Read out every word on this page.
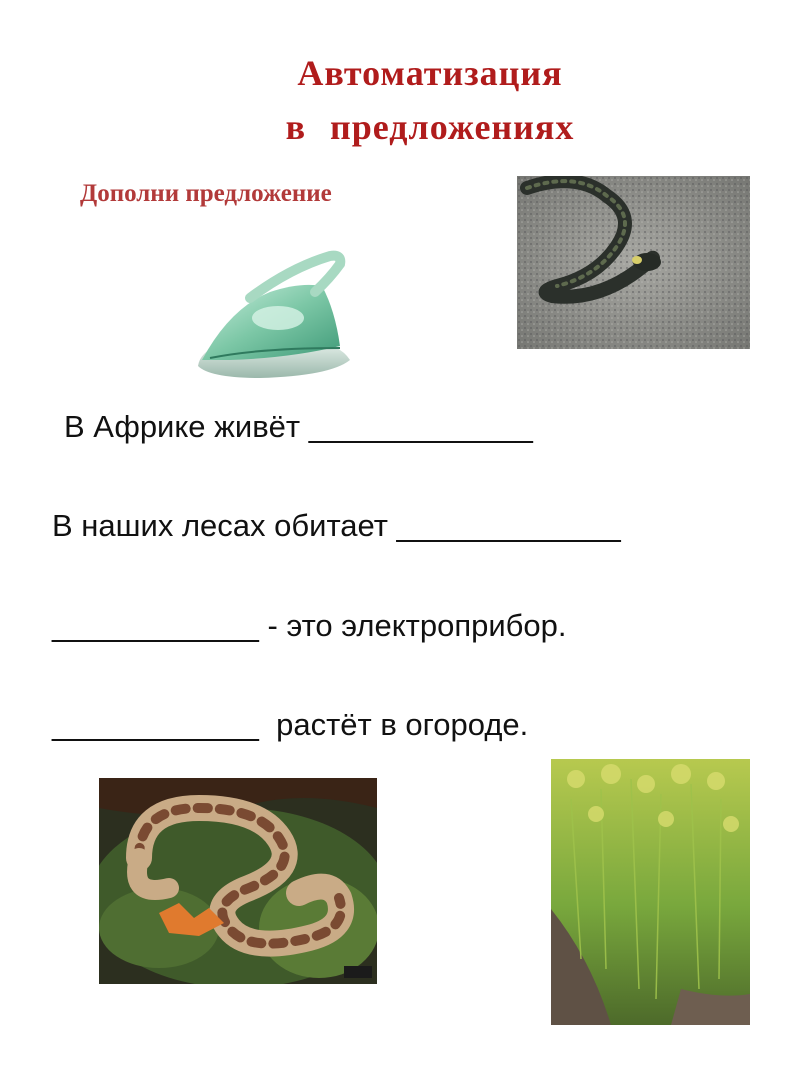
Автоматизация
в предложениях
Дополни предложение
В Африке живёт _____________
В наших лесах обитает _____________
____________ - это электроприбор.
____________  растёт в огороде.
